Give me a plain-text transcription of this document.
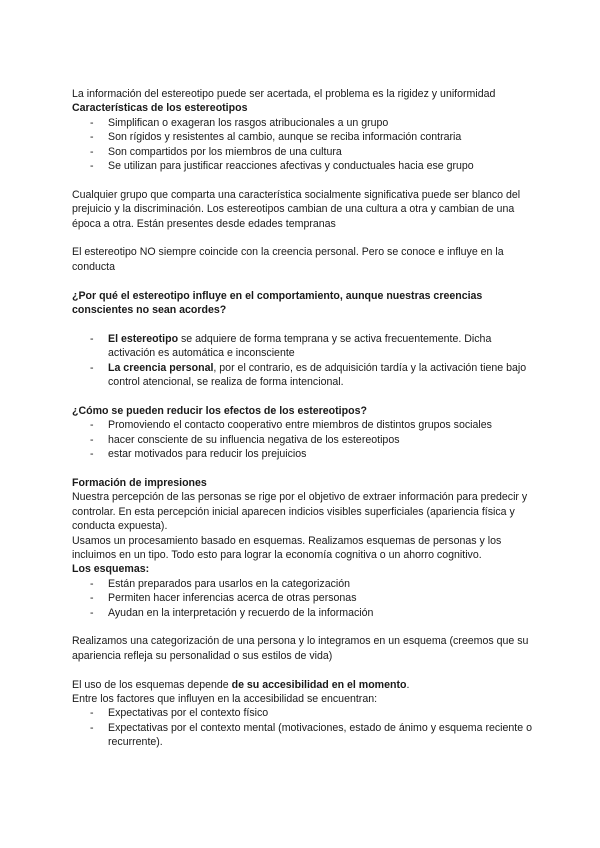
La información del estereotipo puede ser acertada, el problema es la rigidez y uniformidad

Características de los estereotipos

- Simplifican o exageran los rasgos atribucionales a un grupo
- Son rígidos y resistentes al cambio, aunque se reciba información contraria
- Son compartidos por los miembros de una cultura
- Se utilizan para justificar reacciones afectivas y conductuales hacia ese grupo

Cualquier grupo que comparta una característica socialmente significativa puede ser blanco del prejuicio y la discriminación. Los estereotipos cambian de una cultura a otra y cambian de una época a otra. Están presentes desde edades tempranas

El estereotipo NO siempre coincide con la creencia personal. Pero se conoce e influye en la conducta

¿Por qué el estereotipo influye en el comportamiento, aunque nuestras creencias conscientes no sean acordes?

- El estereotipo se adquiere de forma temprana y se activa frecuentemente. Dicha activación es automática e inconsciente
- La creencia personal, por el contrario, es de adquisición tardía y la activación tiene bajo control atencional, se realiza de forma intencional.

¿Cómo se pueden reducir los efectos de los estereotipos?

- Promoviendo el contacto cooperativo entre miembros de distintos grupos sociales
- hacer consciente de su influencia negativa de los estereotipos
- estar motivados para reducir los prejuicios

Formación de impresiones

Nuestra percepción de las personas se rige por el objetivo de extraer información para predecir y controlar. En esta percepción inicial aparecen indicios visibles superficiales (apariencia física y conducta expuesta).

Usamos un procesamiento basado en esquemas. Realizamos esquemas de personas y los incluimos en un tipo. Todo esto para lograr la economía cognitiva o un ahorro cognitivo.

Los esquemas:

- Están preparados para usarlos en la categorización
- Permiten hacer inferencias acerca de otras personas
- Ayudan en la interpretación y recuerdo de la información

Realizamos una categorización de una persona y lo integramos en un esquema (creemos que su apariencia refleja su personalidad o sus estilos de vida)

El uso de los esquemas depende de su accesibilidad en el momento.

Entre los factores que influyen en la accesibilidad se encuentran:

- Expectativas por el contexto físico
- Expectativas por el contexto mental (motivaciones, estado de ánimo y esquema reciente o recurrente).
